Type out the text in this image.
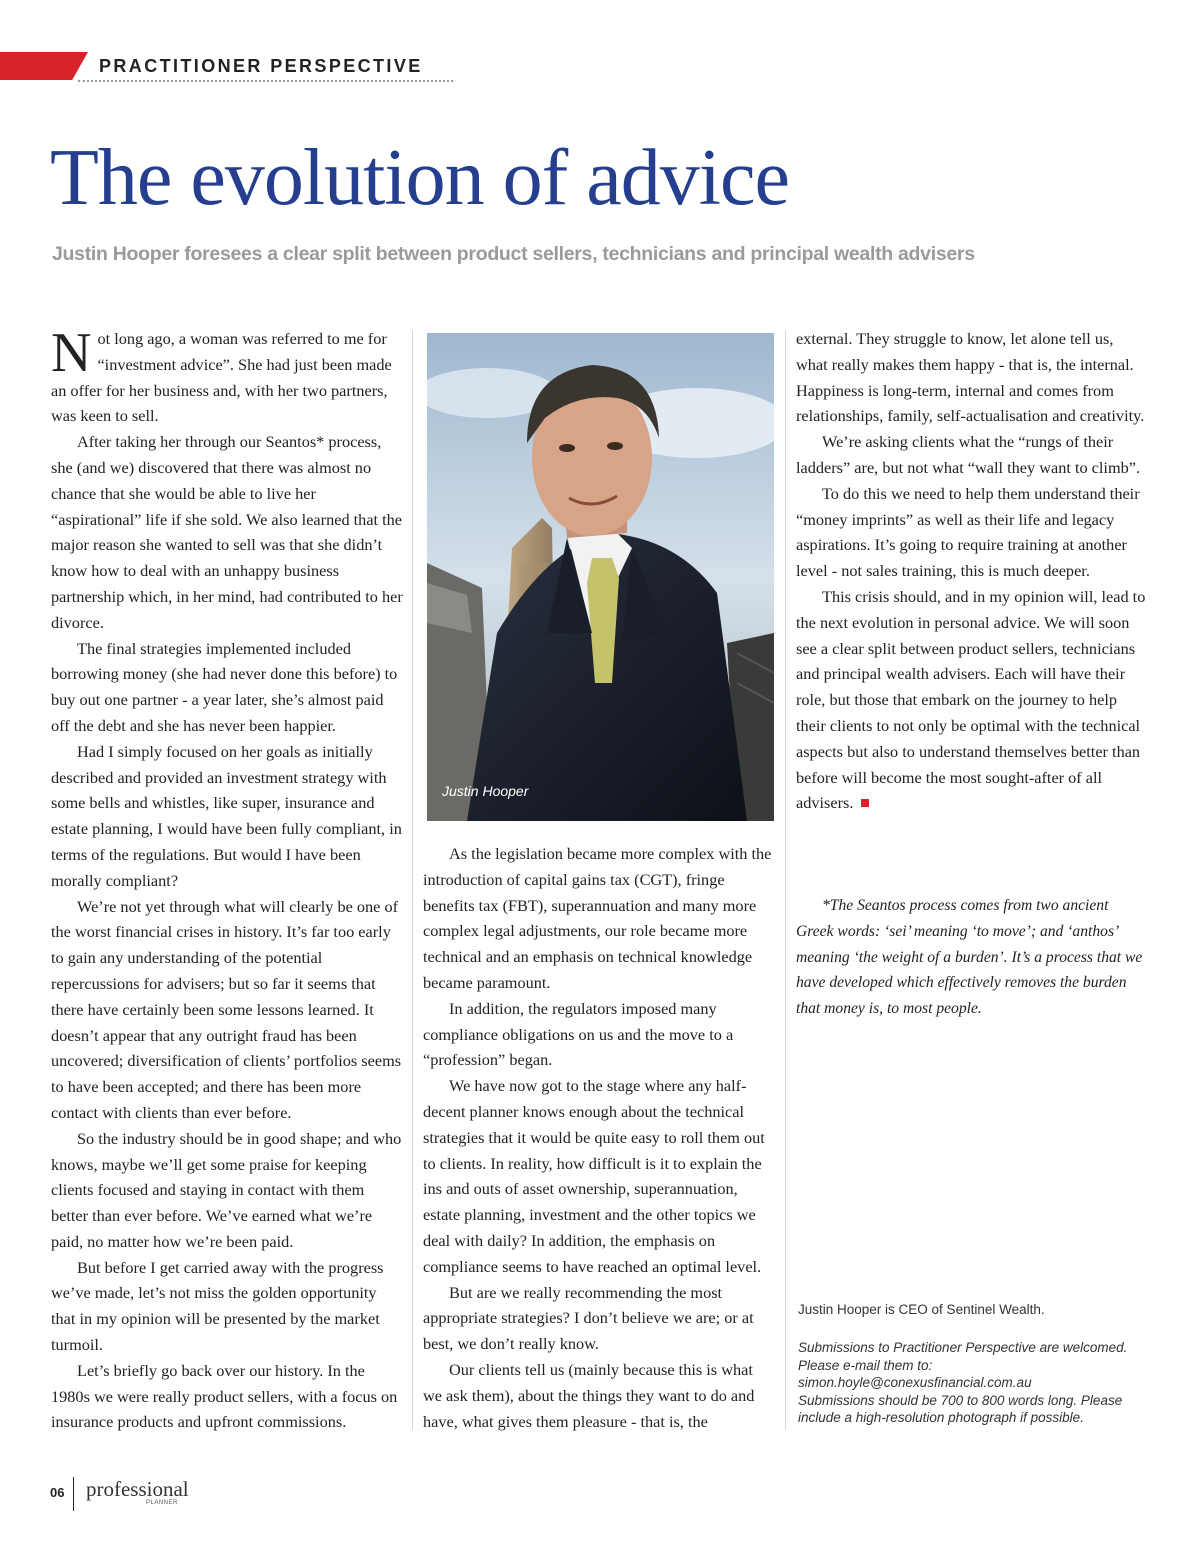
PRACTITIONER PERSPECTIVE
The evolution of advice
Justin Hooper foresees a clear split between product sellers, technicians and principal wealth advisers

Not long ago, a woman was referred to me for “investment advice”. She had just been made an offer for her business and, with her two partners, was keen to sell.

After taking her through our Seantos* process, she (and we) discovered that there was almost no chance that she would be able to live her “aspirational” life if she sold. We also learned that the major reason she wanted to sell was that she didn’t know how to deal with an unhappy business partnership which, in her mind, had contributed to her divorce.

The final strategies implemented included borrowing money (she had never done this before) to buy out one partner - a year later, she’s almost paid off the debt and she has never been happier.

Had I simply focused on her goals as initially described and provided an investment strategy with some bells and whistles, like super, insurance and estate planning, I would have been fully compliant, in terms of the regulations. But would I have been morally compliant?

We’re not yet through what will clearly be one of the worst financial crises in history. It’s far too early to gain any understanding of the potential repercussions for advisers; but so far it seems that there have certainly been some lessons learned. It doesn’t appear that any outright fraud has been uncovered; diversification of clients’ portfolios seems to have been accepted; and there has been more contact with clients than ever before.

So the industry should be in good shape; and who knows, maybe we’ll get some praise for keeping clients focused and staying in contact with them better than ever before. We’ve earned what we’re paid, no matter how we’re been paid.

But before I get carried away with the progress we’ve made, let’s not miss the golden opportunity that in my opinion will be presented by the market turmoil.

Let’s briefly go back over our history. In the 1980s we were really product sellers, with a focus on insurance products and upfront commissions.

Justin Hooper

As the legislation became more complex with the introduction of capital gains tax (CGT), fringe benefits tax (FBT), superannuation and many more complex legal adjustments, our role became more technical and an emphasis on technical knowledge became paramount.

In addition, the regulators imposed many compliance obligations on us and the move to a “profession” began.

We have now got to the stage where any half-decent planner knows enough about the technical strategies that it would be quite easy to roll them out to clients. In reality, how difficult is it to explain the ins and outs of asset ownership, superannuation, estate planning, investment and the other topics we deal with daily? In addition, the emphasis on compliance seems to have reached an optimal level.

But are we really recommending the most appropriate strategies? I don’t believe we are; or at best, we don’t really know.

Our clients tell us (mainly because this is what we ask them), about the things they want to do and have, what gives them pleasure - that is, the

external. They struggle to know, let alone tell us, what really makes them happy - that is, the internal. Happiness is long-term, internal and comes from relationships, family, self-actualisation and creativity.

We’re asking clients what the “rungs of their ladders” are, but not what “wall they want to climb”.

To do this we need to help them understand their “money imprints” as well as their life and legacy aspirations. It’s going to require training at another level - not sales training, this is much deeper.

This crisis should, and in my opinion will, lead to the next evolution in personal advice. We will soon see a clear split between product sellers, technicians and principal wealth advisers. Each will have their role, but those that embark on the journey to help their clients to not only be optimal with the technical aspects but also to understand themselves better than before will become the most sought-after of all advisers.

*The Seantos process comes from two ancient Greek words: ‘sei’ meaning ‘to move’; and ‘anthos’ meaning ‘the weight of a burden’. It’s a process that we have developed which effectively removes the burden that money is, to most people.

Justin Hooper is CEO of Sentinel Wealth.

Submissions to Practitioner Perspective are welcomed. Please e-mail them to:
simon.hoyle@conexusfinancial.com.au
Submissions should be 700 to 800 words long. Please include a high-resolution photograph if possible.
06 professional
PLANNER
